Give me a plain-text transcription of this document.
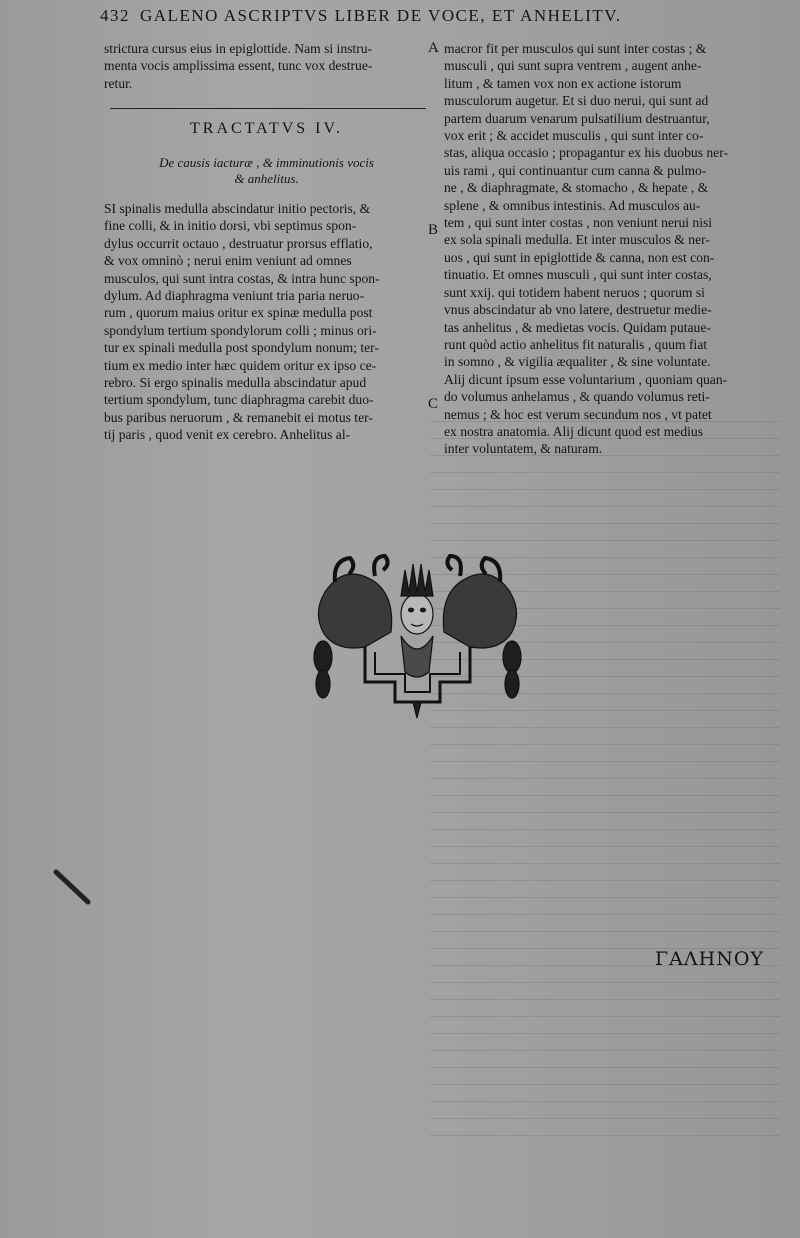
432 GALENO ASCRIPTVS LIBER DE VOCE, ET ANHELITV.
strictura cursus eius in epiglottide. Nam si instru-
menta vocis amplissima essent, tunc vox destrue-
retur.
TRACTATVS IV.
De causis iacturæ , & imminutionis vocis
& anhelitus.
SI spinalis medulla abscindatur initio pectoris, &
fine colli, & in initio dorsi, vbi septimus spon-
dylus occurrit octauo , destruatur prorsus efflatio,
& vox omninò ; nerui enim veniunt ad omnes
musculos, qui sunt intra costas, & intra hunc spon-
dylum. Ad diaphragma veniunt tria paria neruo-
rum , quorum maius oritur ex spinæ medulla post
spondylum tertium spondylorum colli ; minus ori-
tur ex spinali medulla post spondylum nonum; ter-
tium ex medio inter hæc quidem oritur ex ipso ce-
rebro. Si ergo spinalis medulla abscindatur apud
tertium spondylum, tunc diaphragma carebit duo-
bus paribus neruorum , & remanebit ei motus ter-
tij paris , quod venit ex cerebro. Anhelitus al-
A
B
C
macror fit per musculos qui sunt inter costas ; &
musculi , qui sunt supra ventrem , augent anhe-
litum , & tamen vox non ex actione istorum
musculorum augetur. Et si duo nerui, qui sunt ad
partem duarum venarum pulsatilium destruantur,
vox erit ; & accidet musculis , qui sunt inter co-
stas, aliqua occasio ; propagantur ex his duobus ner-
uis rami , qui continuantur cum canna & pulmo-
ne , & diaphragmate, & stomacho , & hepate , &
splene , & omnibus intestinis. Ad musculos au-
tem , qui sunt inter costas , non veniunt nerui nisi
ex sola spinali medulla. Et inter musculos & ner-
uos , qui sunt in epiglottide & canna, non est con-
tinuatio. Et omnes musculi , qui sunt inter costas,
sunt xxij. qui totidem habent neruos ; quorum si
vnus abscindatur ab vno latere, destruetur medie-
tas anhelitus , & medietas vocis. Quidam putaue-
runt quòd actio anhelitus fit naturalis , quum fiat
in somno , & vigilia æqualiter , & sine voluntate.
Alij dicunt ipsum esse voluntarium , quoniam quan-
do volumus anhelamus , & quando volumus reti-
nemus ; & hoc est verum secundum nos , vt patet
ex nostra anatomia. Alij dicunt quod est medius
inter voluntatem, & naturam.
ΓΑΛΗΝΟΥ
